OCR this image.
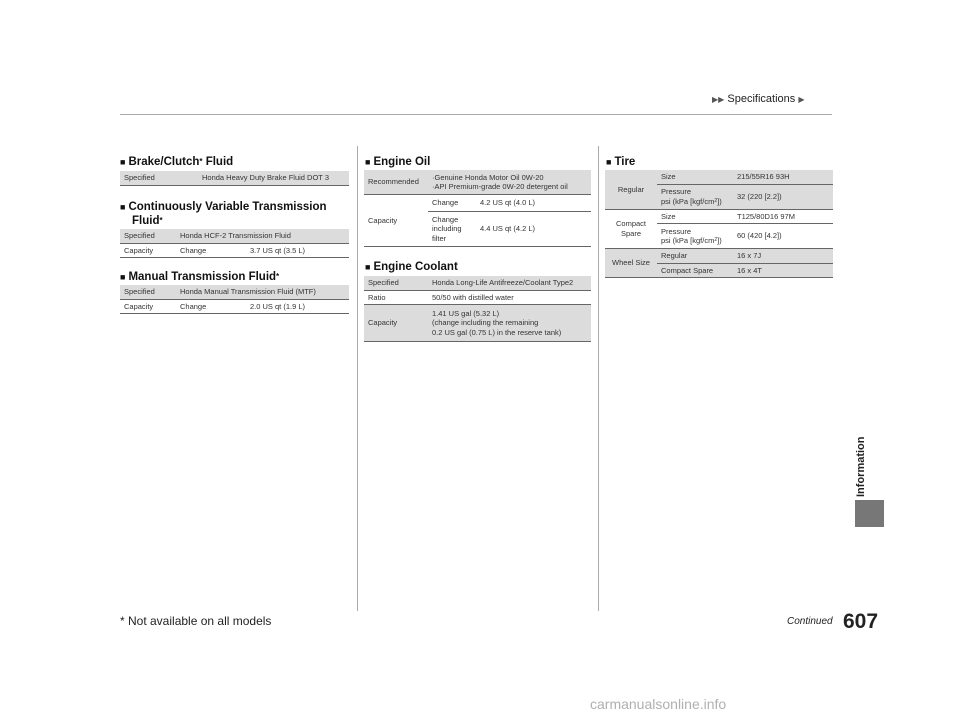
▶▶ Specifications ▶
Information
■ Brake/Clutch* Fluid
Specified	Honda Heavy Duty Brake Fluid DOT 3
■ Continuously Variable Transmission
Fluid*
Specified	Honda HCF-2 Transmission Fluid	
Capacity	Change	3.7 US qt (3.5 L)
■ Manual Transmission Fluid*
Specified	Honda Manual Transmission Fluid (MTF)	
Capacity	Change	2.0 US qt (1.9 L)
■ Engine Oil
Recommended	·Genuine Honda Motor Oil 0W-20
·API Premium-grade 0W-20 detergent oil	

Capacity	Change	4.2 US qt (4.0 L)

	Change
including
filter	4.4 US qt (4.2 L)
■ Engine Coolant
Specified	Honda Long-Life Antifreeze/Coolant Type2
Ratio	50/50 with distilled water
Capacity	1.41 US gal (5.32 L)
(change including the remaining
0.2 US gal (0.75 L) in the reserve tank)
■ Tire
Regular	Size	215/55R16 93H

	Pressure
psi (kPa $[kgf/cm^2]$)	32 (220 [2.2])

Compact
Spare	Size	T125/80D16 97M

	Pressure
psi (kPa $[kgf/cm^2]$)	60 (420 [4.2])
Wheel Size	Regular	16 x 7J
	Compact Spare	16 x 4T
* Not available on all models	Continued 607
carmanualsonline.info
